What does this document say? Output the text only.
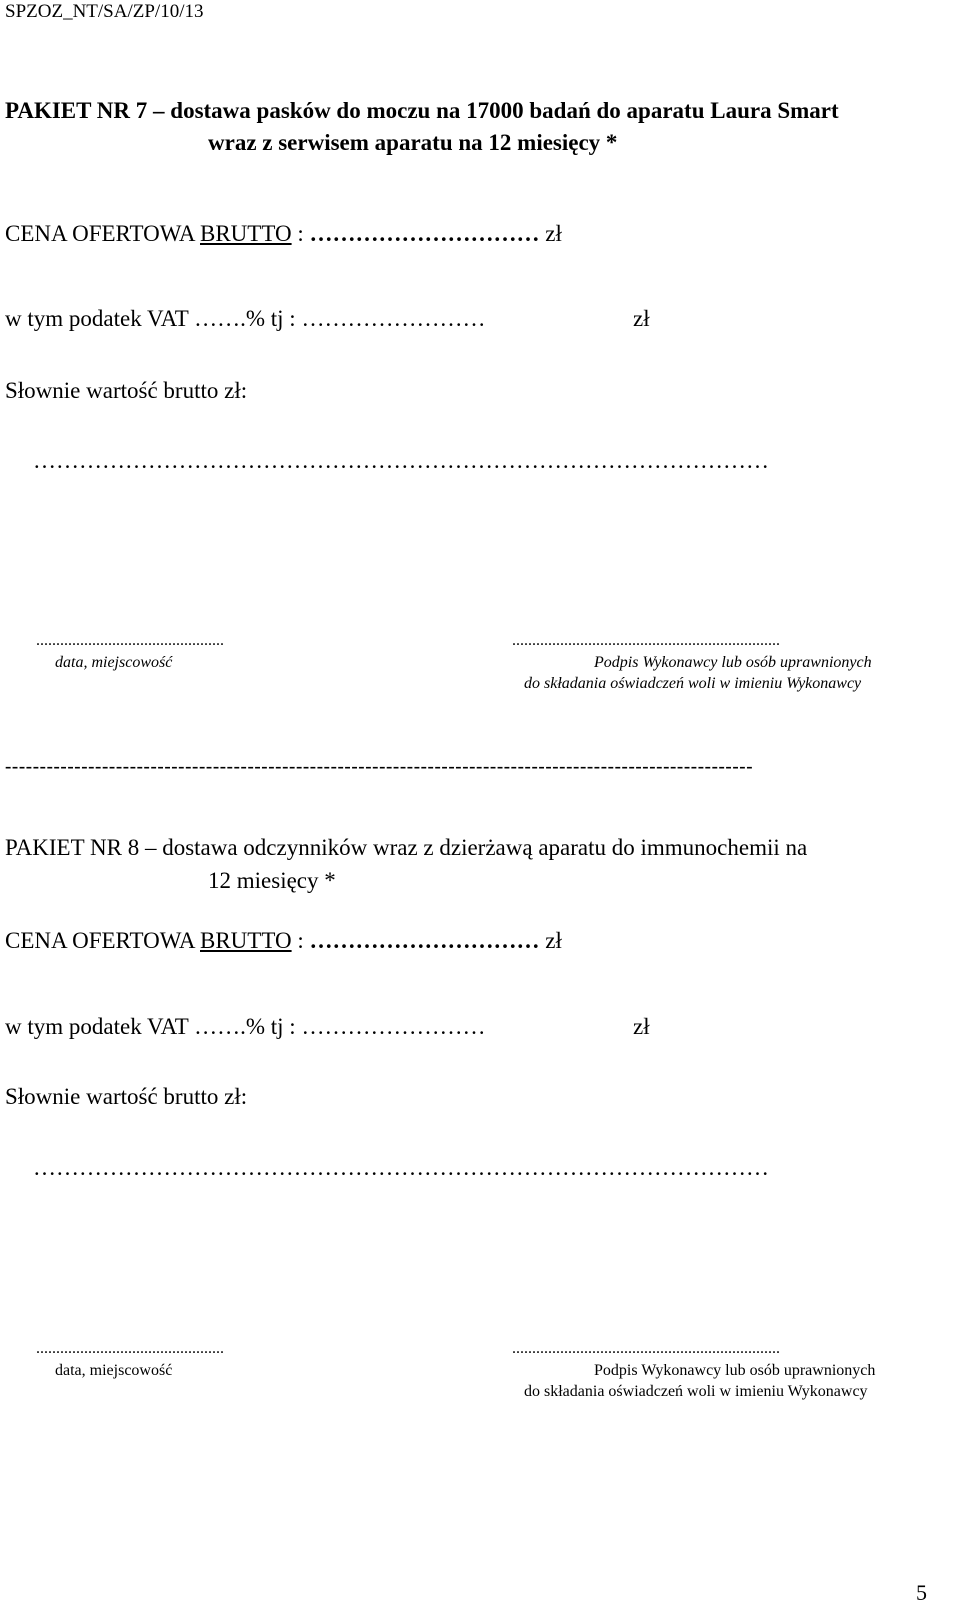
SPZOZ_NT/SA/ZP/10/13
PAKIET NR 7 – dostawa pasków do moczu na 17000 badań do aparatu Laura Smart
wraz z serwisem aparatu na 12 miesięcy *
CENA OFERTOWA BRUTTO : ………………………… zł
w tym podatek VAT …….% tj : ……………………	zł
Słownie wartość brutto zł:
……………………………………………………………………………………
...............................................
data, miejscowość
...................................................................
Podpis Wykonawcy lub osób uprawnionych
do składania oświadczeń woli w imieniu Wykonawcy
------------------------------------------------------------------------------------------------------------
PAKIET NR 8 – dostawa odczynników wraz z dzierżawą aparatu do immunochemii na
12 miesięcy *
CENA OFERTOWA BRUTTO : ………………………… zł
w tym podatek VAT …….% tj : ……………………	zł
Słownie wartość brutto zł:
……………………………………………………………………………………
...............................................
data, miejscowość
...................................................................
Podpis Wykonawcy lub osób uprawnionych
do składania oświadczeń woli w imieniu Wykonawcy
5
